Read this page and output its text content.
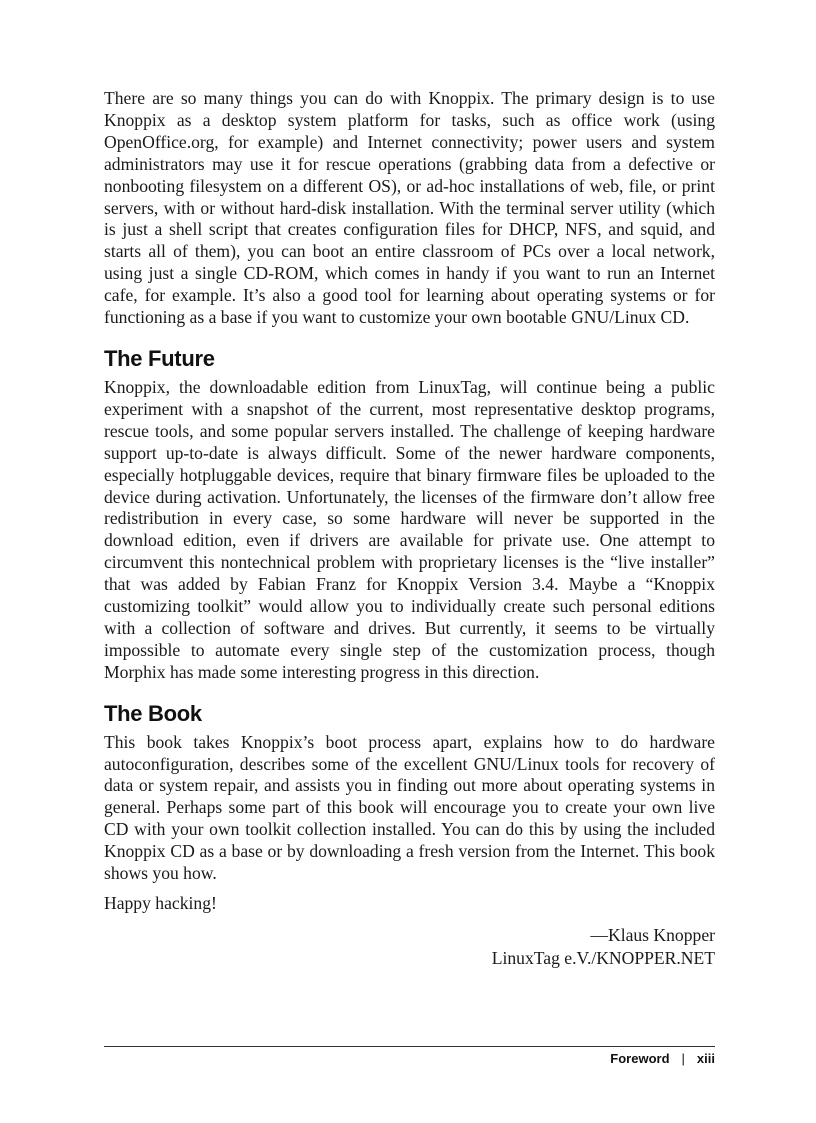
There are so many things you can do with Knoppix. The primary design is to use Knoppix as a desktop system platform for tasks, such as office work (using OpenOffice.org, for example) and Internet connectivity; power users and system administrators may use it for rescue operations (grabbing data from a defective or nonbooting filesystem on a different OS), or ad-hoc installations of web, file, or print servers, with or without hard-disk installation. With the terminal server utility (which is just a shell script that creates configuration files for DHCP, NFS, and squid, and starts all of them), you can boot an entire classroom of PCs over a local network, using just a single CD-ROM, which comes in handy if you want to run an Internet cafe, for example. It’s also a good tool for learning about operating systems or for functioning as a base if you want to customize your own bootable GNU/Linux CD.

The Future

Knoppix, the downloadable edition from LinuxTag, will continue being a public experiment with a snapshot of the current, most representative desktop programs, rescue tools, and some popular servers installed. The challenge of keeping hardware support up-to-date is always difficult. Some of the newer hardware components, especially hotpluggable devices, require that binary firmware files be uploaded to the device during activation. Unfortunately, the licenses of the firmware don’t allow free redistribution in every case, so some hardware will never be supported in the download edition, even if drivers are available for private use. One attempt to circumvent this nontechnical problem with proprietary licenses is the “live installer” that was added by Fabian Franz for Knoppix Version 3.4. Maybe a “Knoppix customizing toolkit” would allow you to individually create such personal editions with a collection of software and drives. But currently, it seems to be virtually impossible to automate every single step of the customization process, though Morphix has made some interesting progress in this direction.

The Book

This book takes Knoppix’s boot process apart, explains how to do hardware autoconfiguration, describes some of the excellent GNU/Linux tools for recovery of data or system repair, and assists you in finding out more about operating systems in general. Perhaps some part of this book will encourage you to create your own live CD with your own toolkit collection installed. You can do this by using the included Knoppix CD as a base or by downloading a fresh version from the Internet. This book shows you how.

Happy hacking!

—Klaus Knopper
LinuxTag e.V./KNOPPER.NET
Foreword | xiii
